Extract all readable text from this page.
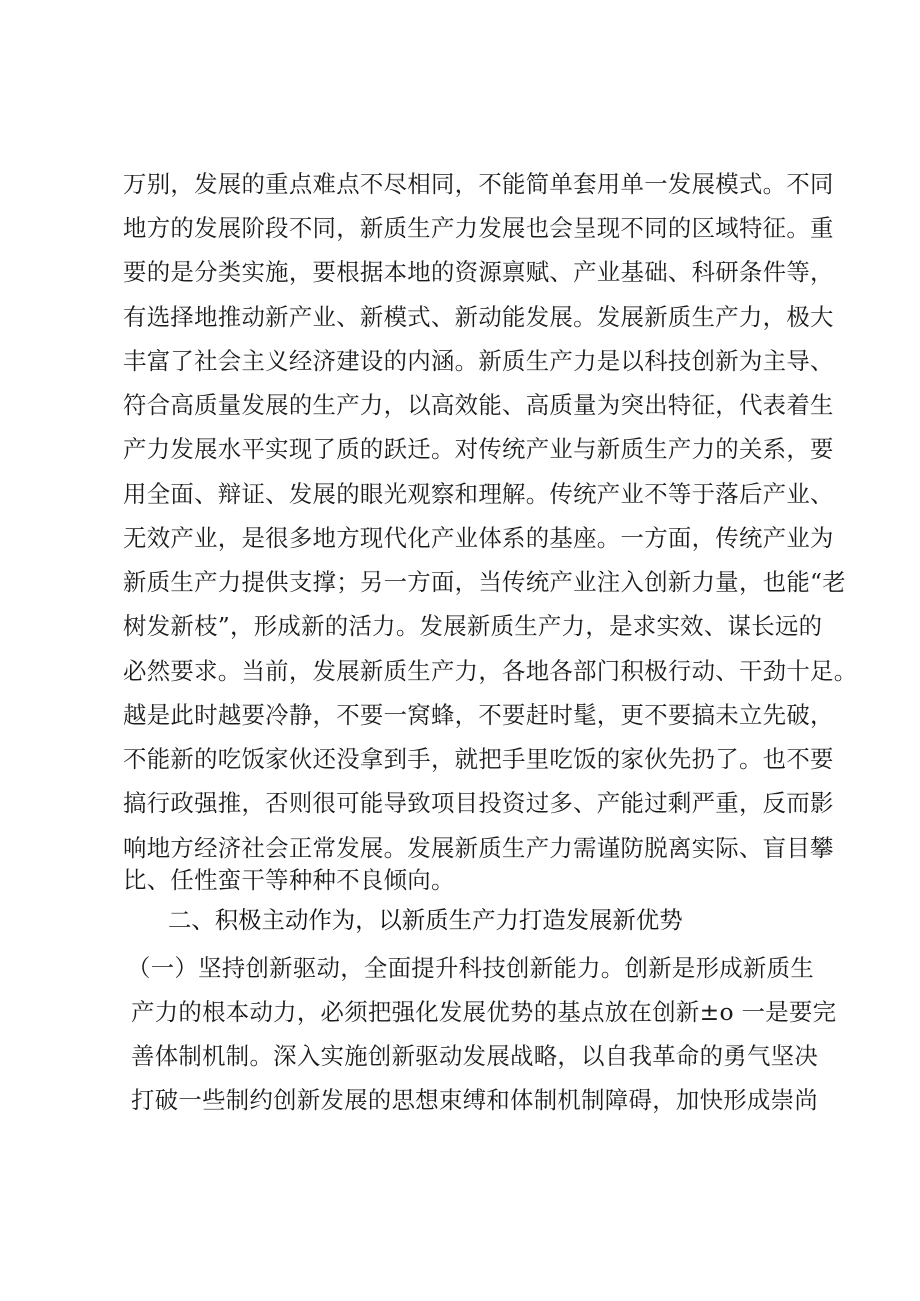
万别，发展的重点难点不尽相同，不能简单套用单一发展模式。不同
地方的发展阶段不同，新质生产力发展也会呈现不同的区域特征。重
要的是分类实施，要根据本地的资源禀赋、产业基础、科研条件等，
有选择地推动新产业、新模式、新动能发展。发展新质生产力，极大
丰富了社会主义经济建设的内涵。新质生产力是以科技创新为主导、
符合高质量发展的生产力，以高效能、高质量为突出特征，代表着生
产力发展水平实现了质的跃迁。对传统产业与新质生产力的关系，要
用全面、辩证、发展的眼光观察和理解。传统产业不等于落后产业、
无效产业，是很多地方现代化产业体系的基座。一方面，传统产业为
新质生产力提供支撑；另一方面，当传统产业注入创新力量，也能“老
树发新枝”，形成新的活力。发展新质生产力，是求实效、谋长远的
必然要求。当前，发展新质生产力，各地各部门积极行动、干劲十足。
越是此时越要冷静，不要一窝蜂，不要赶时髦，更不要搞未立先破，
不能新的吃饭家伙还没拿到手，就把手里吃饭的家伙先扔了。也不要
搞行政强推，否则很可能导致项目投资过多、产能过剩严重，反而影
响地方经济社会正常发展。发展新质生产力需谨防脱离实际、盲目攀
比、任性蛮干等种种不良倾向。
二、积极主动作为，以新质生产力打造发展新优势
（一）坚持创新驱动，全面提升科技创新能力。创新是形成新质生
产力的根本动力，必须把强化发展优势的基点放在创新±o 一是要完
善体制机制。深入实施创新驱动发展战略，以自我革命的勇气坚决
打破一些制约创新发展的思想束缚和体制机制障碍，加快形成崇尚
